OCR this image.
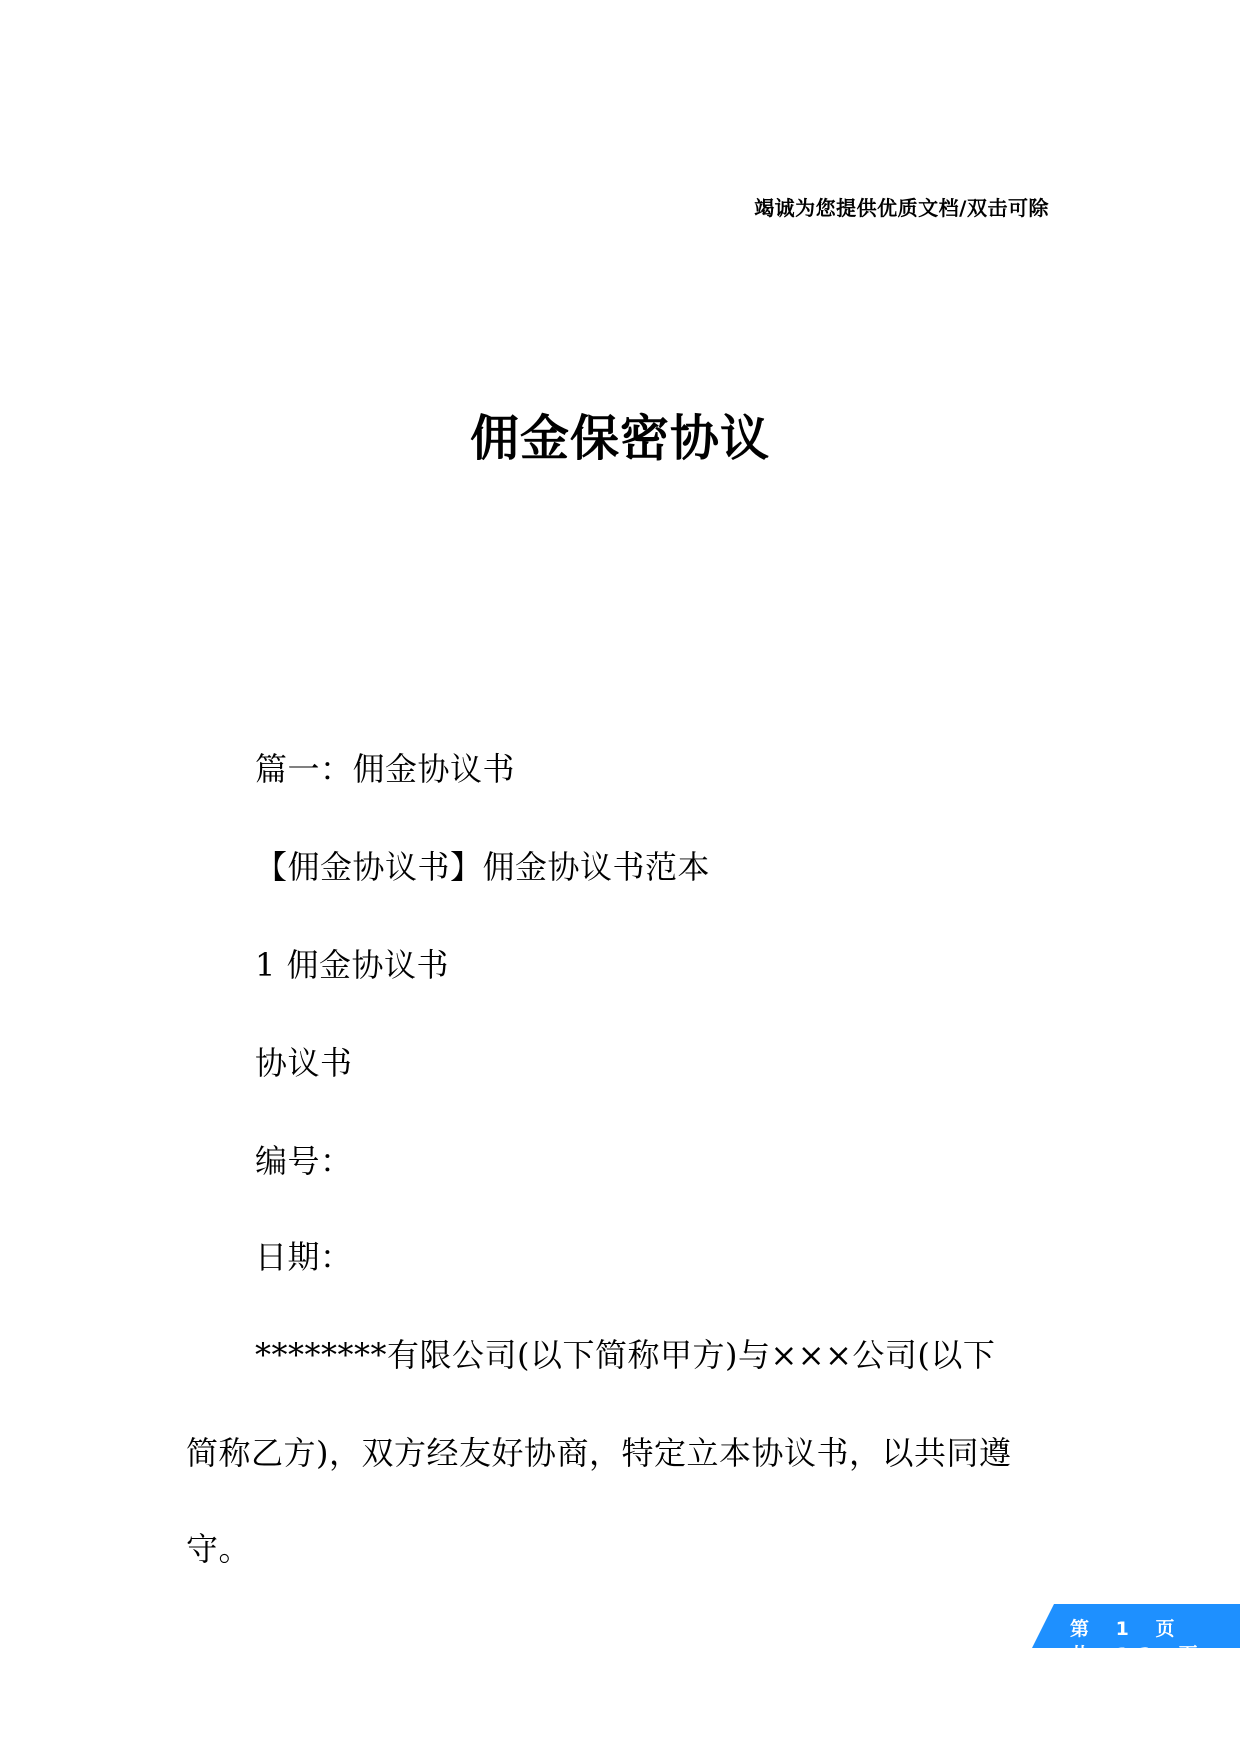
竭诚为您提供优质文档/双击可除
佣金保密协议
篇一：佣金协议书
【佣金协议书】佣金协议书范本
1 佣金协议书
协议书
编号：
日期：
********有限公司(以下简称甲方)与×××公司(以下
简称乙方)，双方经友好协商，特定立本协议书，以共同遵
守。
第 1 页 共 12 页
